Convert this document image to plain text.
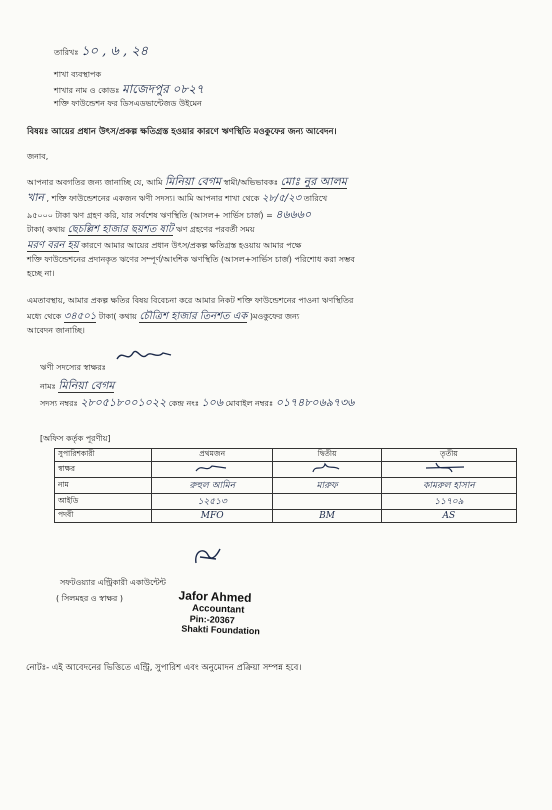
তারিখঃ ১০ , ৬ , ২৪
শাখা ব্যবস্থাপক
শাখার নাম ও কোডঃ মাজেদপুর ০৮২৭
শক্তি ফাউন্ডেশন ফর ডিসএডভান্টেজড উইমেন
বিষয়ঃ আয়ের প্রধান উৎস/প্রকল্প ক্ষতিগ্রস্ত হওয়ার কারণে ঋণস্থিতি মওকুফের জন্য আবেদন।
জনাব,
আপনার অবগতির জন্য জানাচ্ছি যে, আমি মিনিয়া বেগম স্বামী/অভিভাবকঃ মোঃ নুর আলম
খান , শক্তি ফাউন্ডেশনের একজন ঋণী সদস্য। আমি আপনার শাখা থেকে ২৮/৫/২৩ তারিখে
৯৫০০০ টাকা ঋণ গ্রহণ করি, যার সর্বশেষ ঋণস্থিতি (আসল+ সার্ভিস চার্জ) = ৪৬৬৬০
টাকা( কথায় ছেচল্লিশ হাজার ছয়শত ষাট ঋণ গ্রহণের পরবর্তী সময়
মরণ বরন হয় কারণে আমার আয়ের প্রধান উৎস/প্রকল্প ক্ষতিগ্রস্ত হওয়ায় আমার পক্ষে
শক্তি ফাউন্ডেশনের প্রদানকৃত ঋণের সম্পূর্ণ/আংশিক ঋণস্থিতি (আসল+সার্ভিস চার্জ) পরিশোধ করা সম্ভব
হচ্ছে না।
এমতাবস্থায়, আমার প্রকল্প ক্ষতির বিষয় বিবেচনা করে আমার নিকট শক্তি ফাউন্ডেশনের পাওনা ঋণস্থিতির
মধ্যে থেকে ৩৪৫০১ টাকা( কথায় চৌত্রিশ হাজার তিনশত এক )মওকুফের জন্য
আবেদন জানাচ্ছি।
ঋণী সদস্যের স্বাক্ষরঃ
নামঃ মিনিয়া বেগম
সদস্য নম্বরঃ ২৮০৫১৮০০১০২২ কেন্দ্র নংঃ ১০৬ মোবাইল নম্বরঃ ০১৭৪৮০৬৯৭৩৬
[অফিস কর্তৃক পূরণীয়]
সুপারিশকারী	প্রথমজন	দ্বিতীয়	তৃতীয়
স্বাক্ষর			
নাম	রুহুল আমিন	মারুফ	কামরুল হাসান
আইডি	১২৫১৩		১১৭০৯
পদবী	MFO	BM	AS
সফটওয়্যার এন্ট্রিকারী একাউন্টেন্ট
( সিলমহর ও স্বাক্ষর )	Jafor Ahmed
Accountant
Pin:-20367
Shakti Foundation
নোটঃ- এই আবেদনের ভিত্তিতে এন্ট্রি, সুপারিশ এবং অনুমোদন প্রক্রিয়া সম্পন্ন হবে।
